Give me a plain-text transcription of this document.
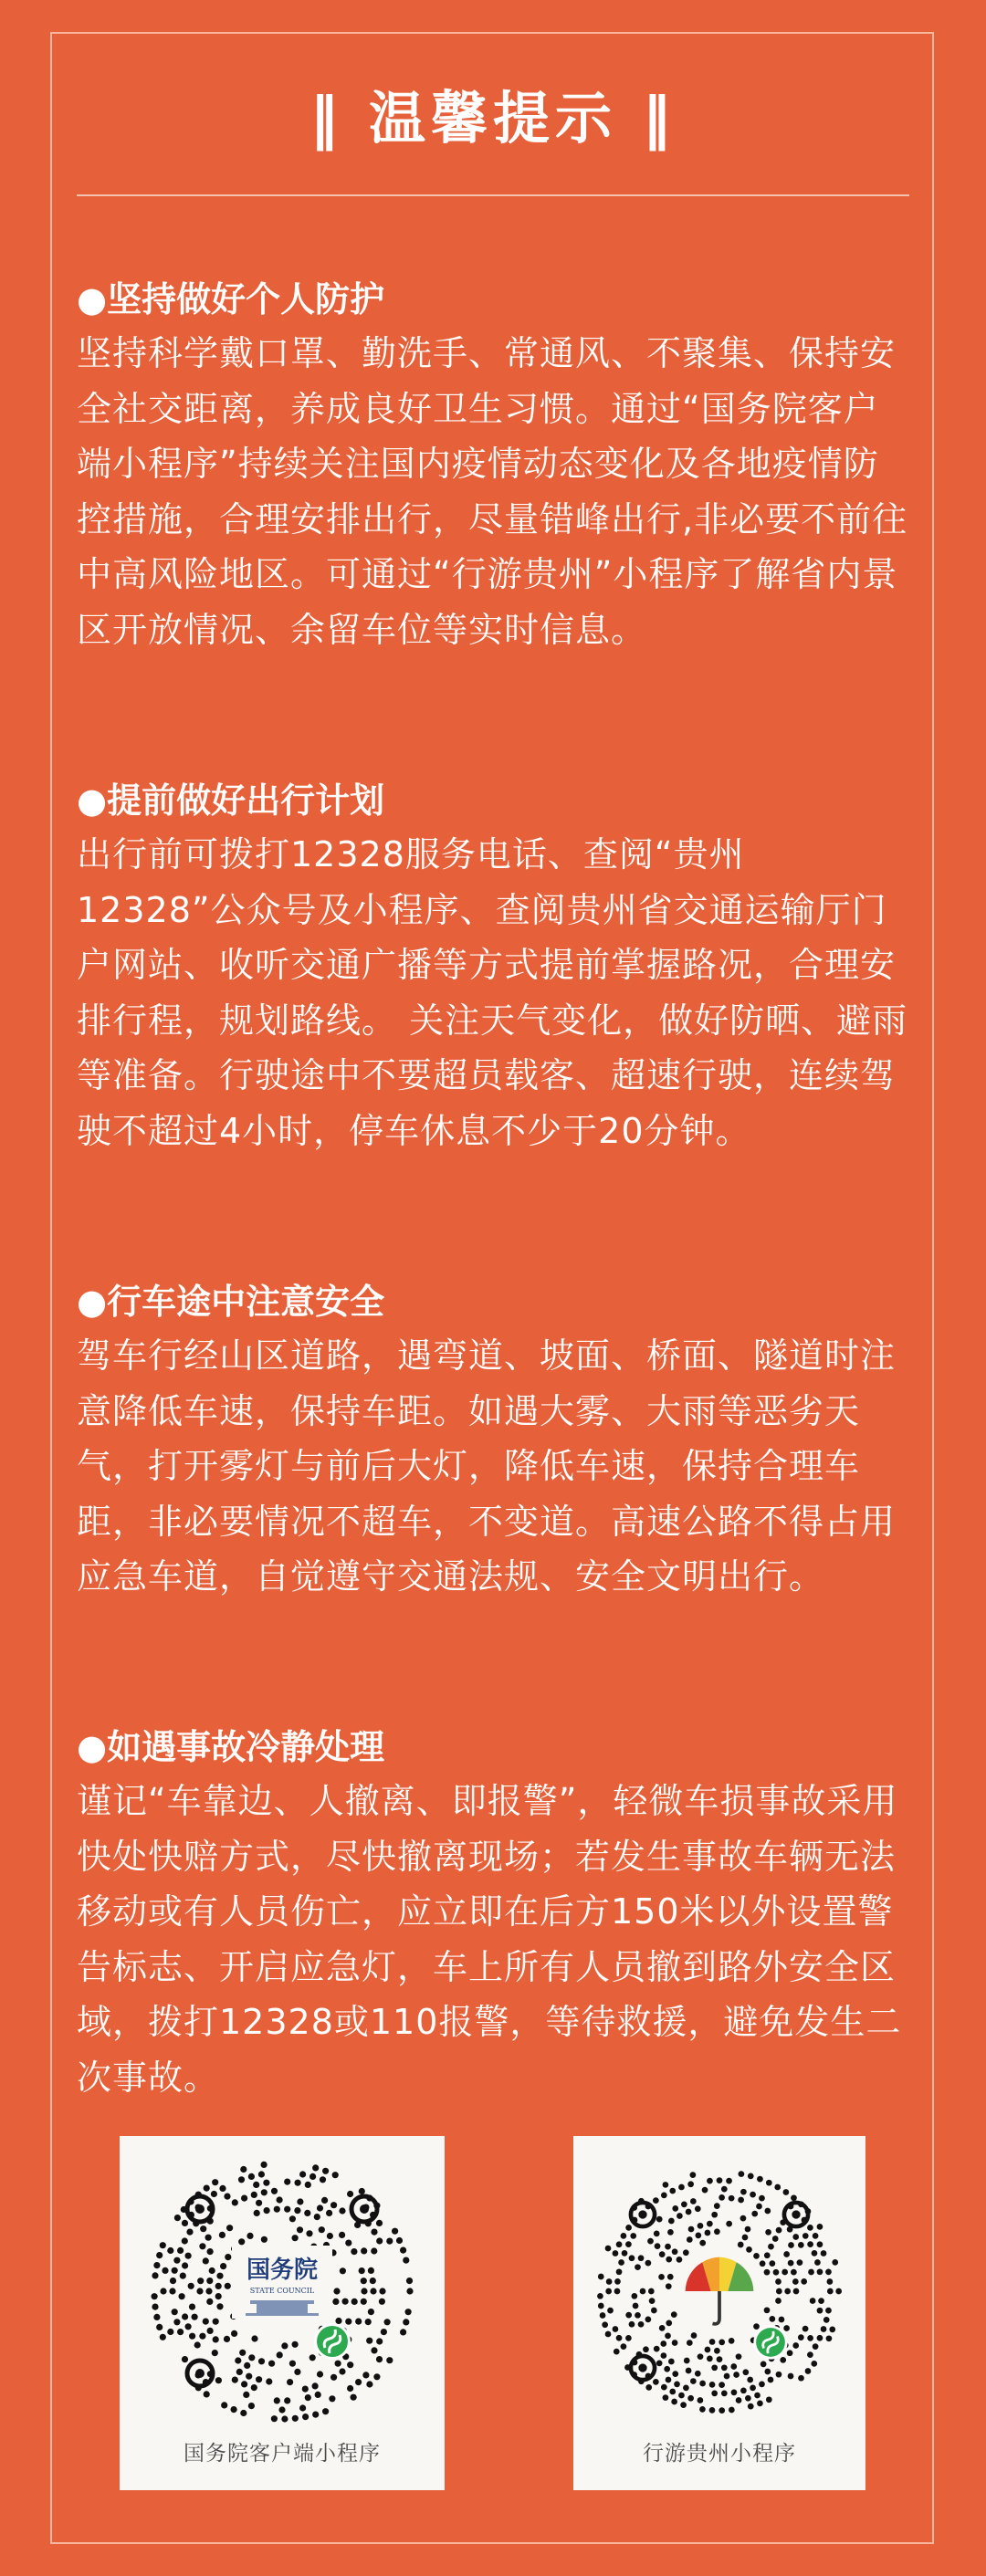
‖ 温馨提示 ‖

●坚持做好个人防护

坚持科学戴口罩、勤洗手、常通风、不聚集、保持安全社交距离，养成良好卫生习惯。通过“国务院客户端小程序”持续关注国内疫情动态变化及各地疫情防控措施，合理安排出行，尽量错峰出行,非必要不前往中高风险地区。可通过“行游贵州”小程序了解省内景区开放情况、余留车位等实时信息。

●提前做好出行计划

出行前可拨打12328服务电话、查阅“贵州12328”公众号及小程序、查阅贵州省交通运输厅门户网站、收听交通广播等方式提前掌握路况，合理安排行程，规划路线。 关注天气变化，做好防晒、避雨等准备。行驶途中不要超员载客、超速行驶，连续驾驶不超过4小时，停车休息不少于20分钟。

●行车途中注意安全

驾车行经山区道路，遇弯道、坡面、桥面、隧道时注意降低车速，保持车距。如遇大雾、大雨等恶劣天气，打开雾灯与前后大灯，降低车速，保持合理车距，非必要情况不超车，不变道。高速公路不得占用应急车道，自觉遵守交通法规、安全文明出行。

●如遇事故冷静处理

谨记“车靠边、人撤离、即报警”，轻微车损事故采用快处快赔方式，尽快撤离现场；若发生事故车辆无法移动或有人员伤亡，应立即在后方150米以外设置警告标志、开启应急灯，车上所有人员撤到路外安全区域，拨打12328或110报警，等待救援，避免发生二次事故。

国务院
STATE COUNCIL
国务院客户端小程序	行游贵州小程序
